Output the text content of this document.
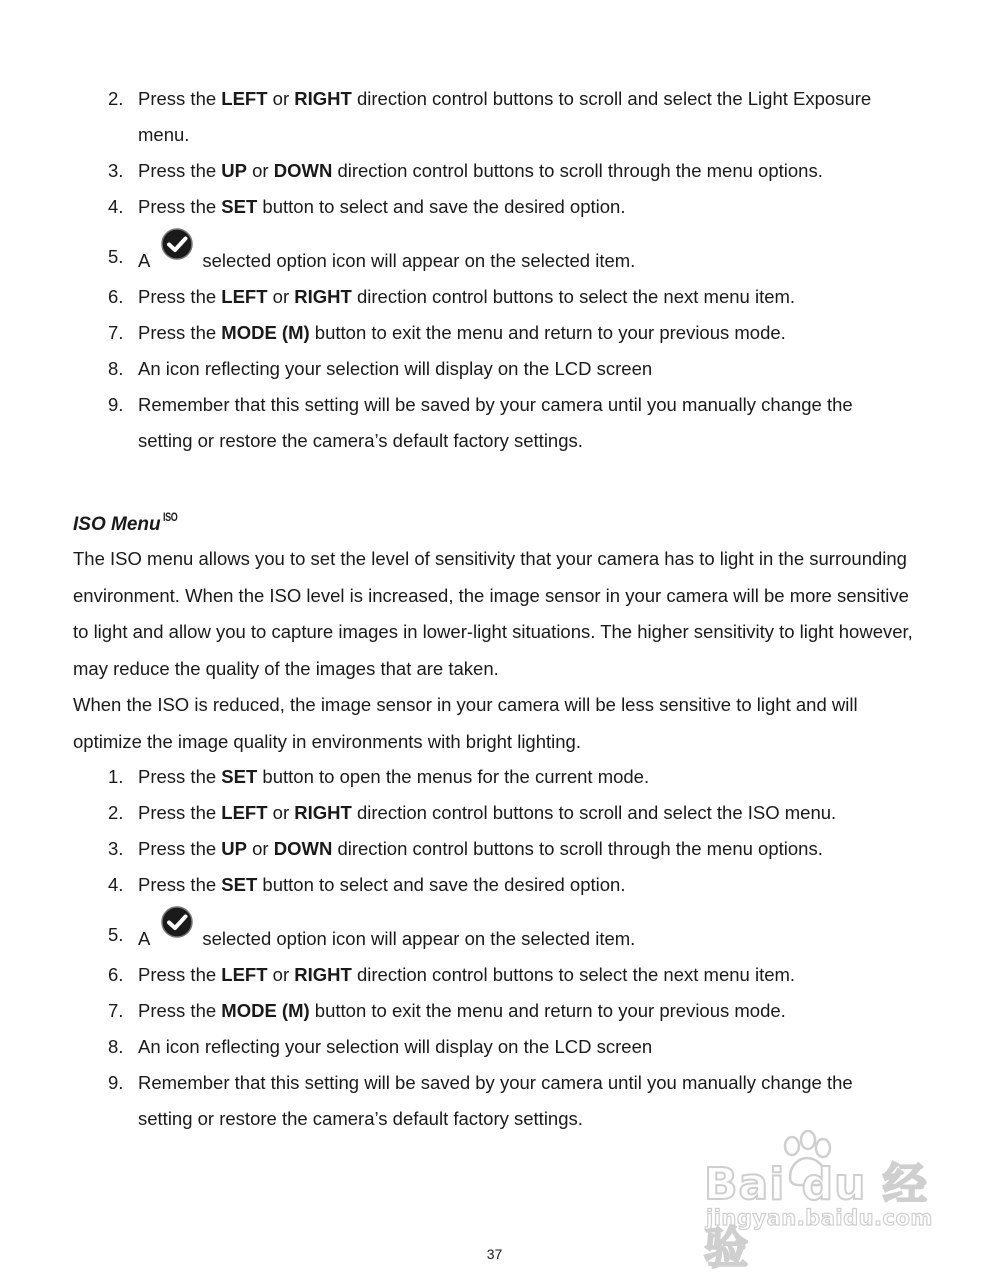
2. Press the LEFT or RIGHT direction control buttons to scroll and select the Light Exposure menu.
3. Press the UP or DOWN direction control buttons to scroll through the menu options.
4. Press the SET button to select and save the desired option.
5. A	selected option icon will appear on the selected item.
6. Press the LEFT or RIGHT direction control buttons to select the next menu item.
7. Press the MODE (M) button to exit the menu and return to your previous mode.
8. An icon reflecting your selection will display on the LCD screen
9. Remember that this setting will be saved by your camera until you manually change the setting or restore the camera’s default factory settings.
ISO Menu ISO

The ISO menu allows you to set the level of sensitivity that your camera has to light in the surrounding environment. When the ISO level is increased, the image sensor in your camera will be more sensitive to light and allow you to capture images in lower-light situations. The higher sensitivity to light however, may reduce the quality of the images that are taken.

When the ISO is reduced, the image sensor in your camera will be less sensitive to light and will optimize the image quality in environments with bright lighting.

1. Press the SET button to open the menus for the current mode.
2. Press the LEFT or RIGHT direction control buttons to scroll and select the ISO menu.
3. Press the UP or DOWN direction control buttons to scroll through the menu options.
4. Press the SET button to select and save the desired option.
5. A	selected option icon will appear on the selected item.
6. Press the LEFT or RIGHT direction control buttons to select the next menu item.
7. Press the MODE (M) button to exit the menu and return to your previous mode.
8. An icon reflecting your selection will display on the LCD screen
9. Remember that this setting will be saved by your camera until you manually change the setting or restore the camera’s default factory settings.
Bai du 经验
jingyan.baidu.com
37
